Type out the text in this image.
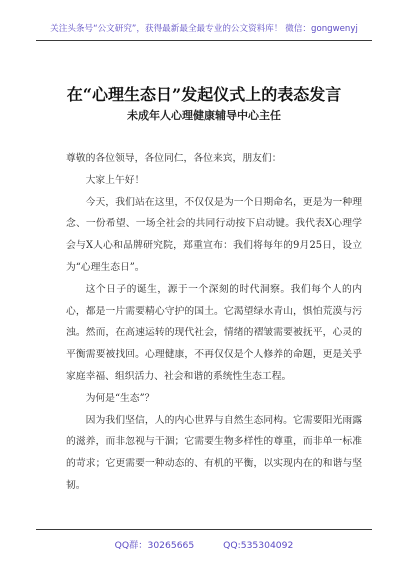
关注头条号“公文研究”，获得最新最全最专业的公文资料库！ 微信：gongwenyj
在“心理生态日”发起仪式上的表态发言
未成年人心理健康辅导中心主任

尊敬的各位领导，各位同仁，各位来宾，朋友们：

大家上午好！

今天，我们站在这里，不仅仅是为一个日期命名，更是为一种理念、一份希望、一场全社会的共同行动按下启动键。我代表X心理学会与X人心和品牌研究院，郑重宣布：我们将每年的9月25日，设立为“心理生态日”。

这个日子的诞生，源于一个深刻的时代洞察。我们每个人的内心，都是一片需要精心守护的国土。它渴望绿水青山，惧怕荒漠与污浊。然而，在高速运转的现代社会，情绪的褶皱需要被抚平，心灵的平衡需要被找回。心理健康，不再仅仅是个人修养的命题，更是关乎家庭幸福、组织活力、社会和谐的系统性生态工程。

为何是“生态”？

因为我们坚信，人的内心世界与自然生态同构。它需要阳光雨露的滋养，而非忽视与干涸；它需要生物多样性的尊重，而非单一标准的苛求；它更需要一种动态的、有机的平衡，以实现内在的和谐与坚韧。

QQ群：30265665	QQ:535304092
